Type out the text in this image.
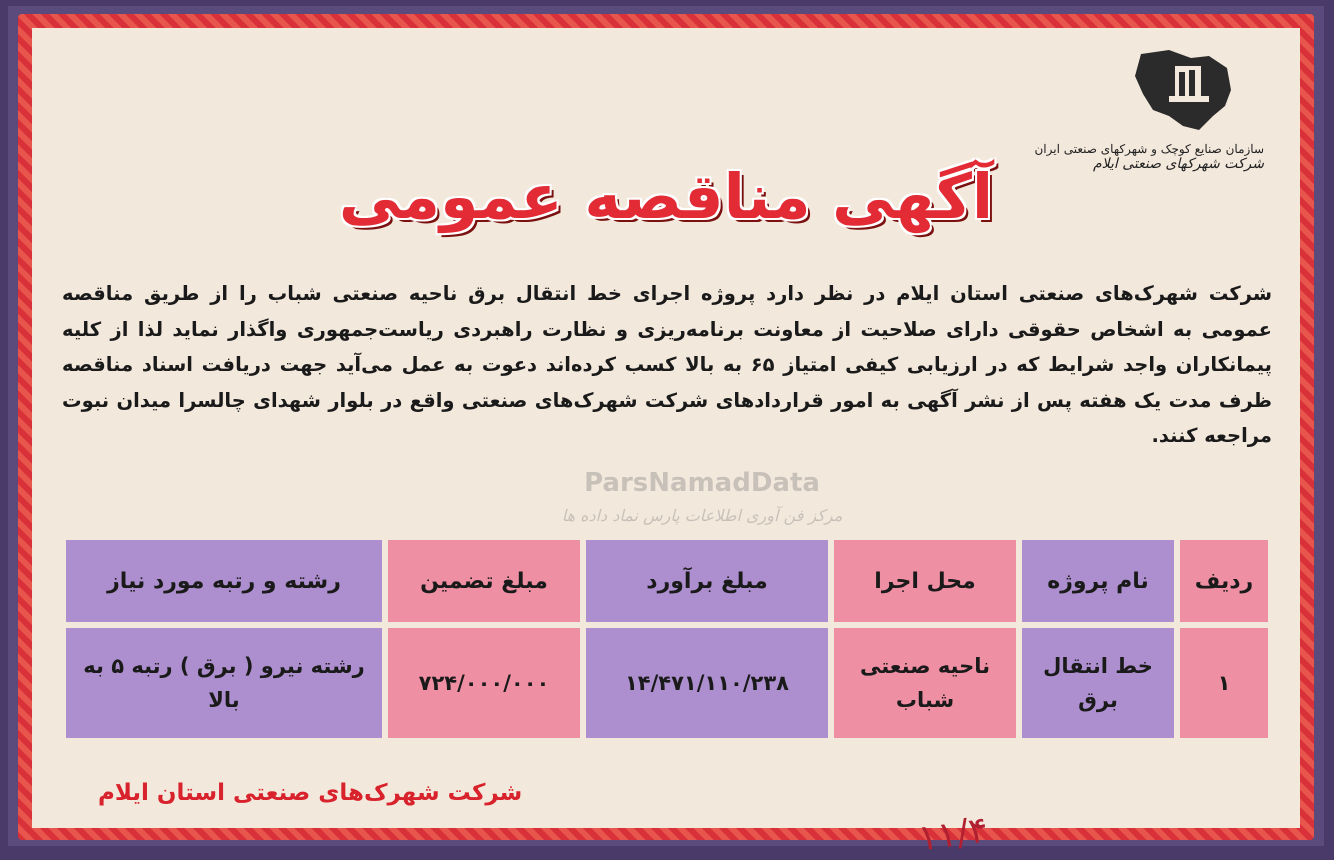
سازمان صنایع کوچک و شهرکهای صنعتی ایران
شرکت شهرکهای صنعتی ایلام
آگهی مناقصه عمومی
شرکت شهرک‌های صنعتی استان ایلام در نظر دارد پروژه اجرای خط انتقال برق ناحیه صنعتی شباب را از طریق مناقصه عمومی به اشخاص حقوقی دارای صلاحیت از معاونت برنامه‌ریزی و نظارت راهبردی ریاست‌جمهوری واگذار نماید لذا از کلیه پیمانکاران واجد شرایط که در ارزیابی کیفی امتیاز ۶۵ به بالا کسب کرده‌اند دعوت به عمل می‌آید جهت دریافت اسناد مناقصه ظرف مدت یک هفته پس از نشر آگهی به امور قراردادهای شرکت شهرک‌های صنعتی واقع در بلوار شهدای چالسرا میدان نبوت مراجعه کنند.
ParsNamadData
مرکز فن آوری اطلاعات پارس نماد داده ها
ردیف	نام پروژه	محل اجرا	مبلغ برآورد	مبلغ تضمین	رشته و رتبه مورد نیاز
۱	خط انتقال برق	ناحیه صنعتی شباب	۱۴/۴۷۱/۱۱۰/۲۳۸	۷۲۴/۰۰۰/۰۰۰	رشته نیرو ( برق ) رتبه ۵ به بالا
شرکت شهرک‌های صنعتی استان ایلام
۱۱/۴
